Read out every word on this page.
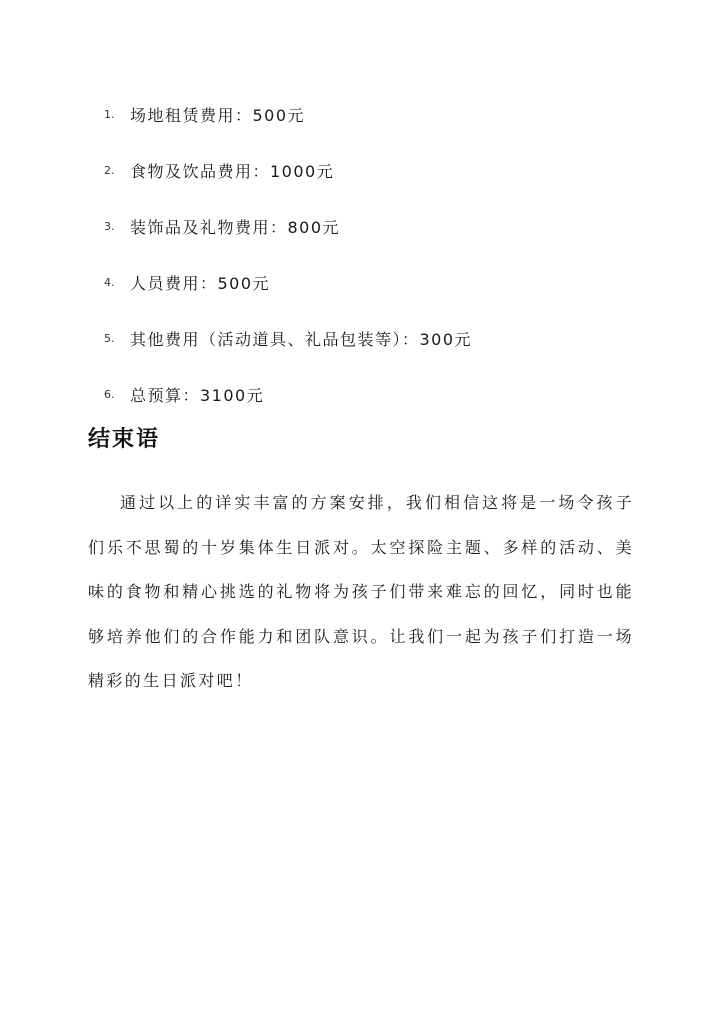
1. 场地租赁费用：500元
2. 食物及饮品费用：1000元
3. 装饰品及礼物费用：800元
4. 人员费用：500元
5. 其他费用（活动道具、礼品包装等）：300元
6. 总预算：3100元
结束语

通过以上的详实丰富的方案安排，我们相信这将是一场令孩子们乐不思蜀的十岁集体生日派对。太空探险主题、多样的活动、美味的食物和精心挑选的礼物将为孩子们带来难忘的回忆，同时也能够培养他们的合作能力和团队意识。让我们一起为孩子们打造一场精彩的生日派对吧！
